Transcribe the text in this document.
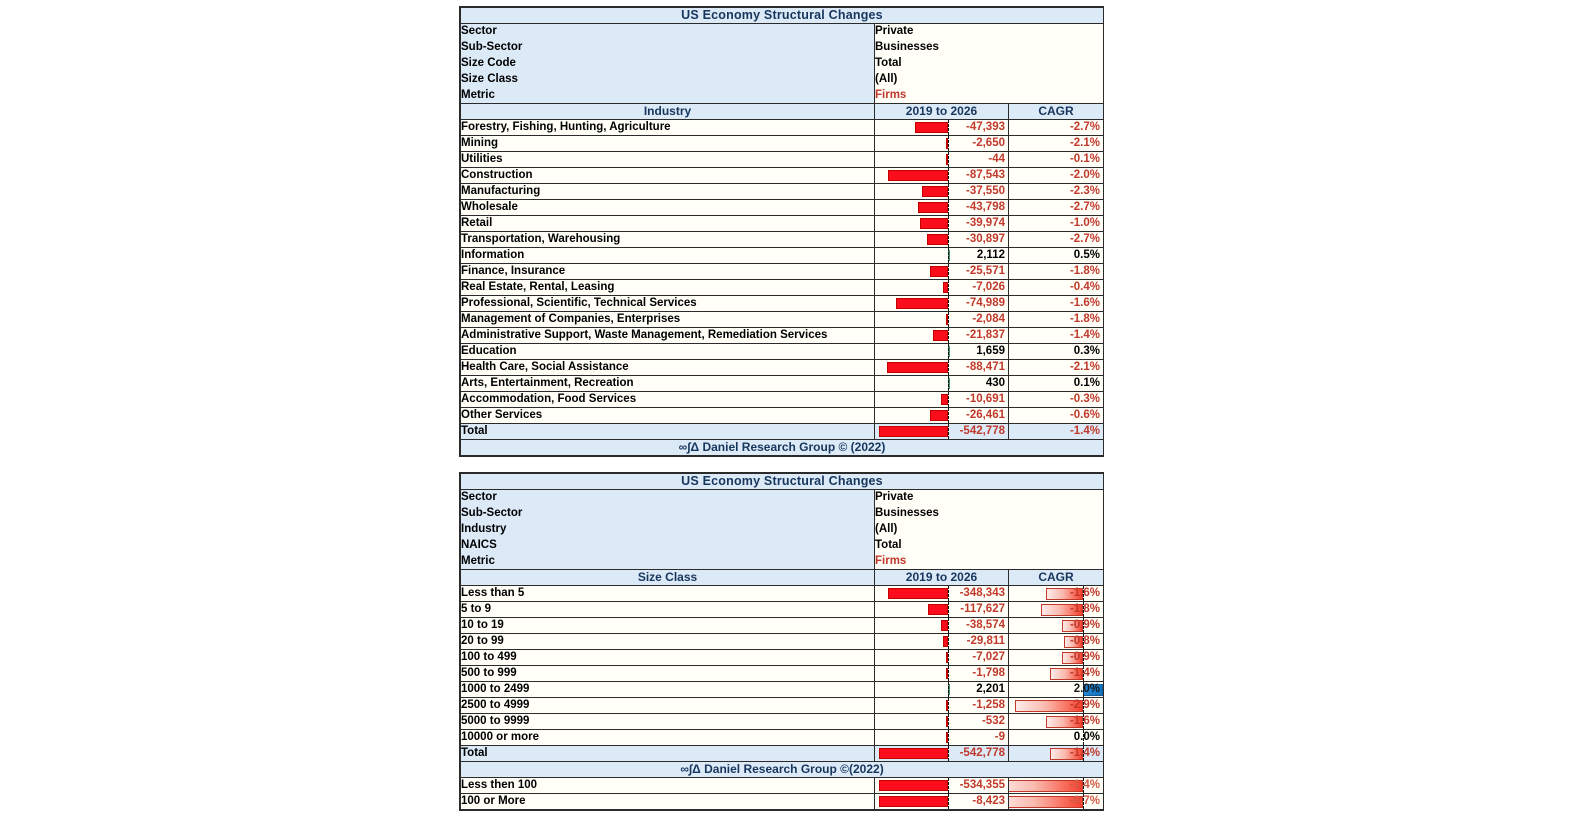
US Economy Structural Changes		
Sector	Private	
Sub-Sector	Businesses	
Size Code	Total	
Size Class	(All)	
Metric	Firms	
Industry	2019 to 2026	CAGR
Forestry, Fishing, Hunting, Agriculture	-47,393	-2.7%

Mining	-2,650	-2.1%

Utilities	-44	-0.1%

Construction	-87,543	-2.0%

Manufacturing	-37,550	-2.3%

Wholesale	-43,798	-2.7%

Retail	-39,974	-1.0%

Transportation, Warehousing	-30,897	-2.7%

Information	2,112	0.5%

Finance, Insurance	-25,571	-1.8%

Real Estate, Rental, Leasing	-7,026	-0.4%

Professional, Scientific, Technical Services	-74,989	-1.6%

Management of Companies, Enterprises	-2,084	-1.8%

Administrative Support, Waste Management, Remediation Services	-21,837	-1.4%

Education	1,659	0.3%

Health Care, Social Assistance	-88,471	-2.1%

Arts, Entertainment, Recreation	430	0.1%

Accommodation, Food Services	-10,691	-0.3%

Other Services	-26,461	-0.6%

Total	-542,778	-1.4%

∞∫Δ Daniel Research Group © (2022)		
US Economy Structural Changes		
Sector	Private	
Sub-Sector	Businesses	
Industry	(All)	
NAICS	Total	
Metric	Firms	
Size Class	2019 to 2026	CAGR
Less than 5	-348,343	-1.6%

5 to 9	-117,627	-1.8%

10 to 19	-38,574	-0.9%

20 to 99	-29,811	-0.8%

100 to 499	-7,027	-0.9%

500 to 999	-1,798	-1.4%

1000 to 2499	2,201	2.0%

2500 to 4999	-1,258	-2.9%

5000 to 9999	-532	-1.6%

10000 or more	-9	0.0%

Total	-542,778	-1.4%

∞∫Δ Daniel Research Group ©(2022)		
Less then 100	-534,355	-1.4%

100 or More	-8,423	-0.7%
